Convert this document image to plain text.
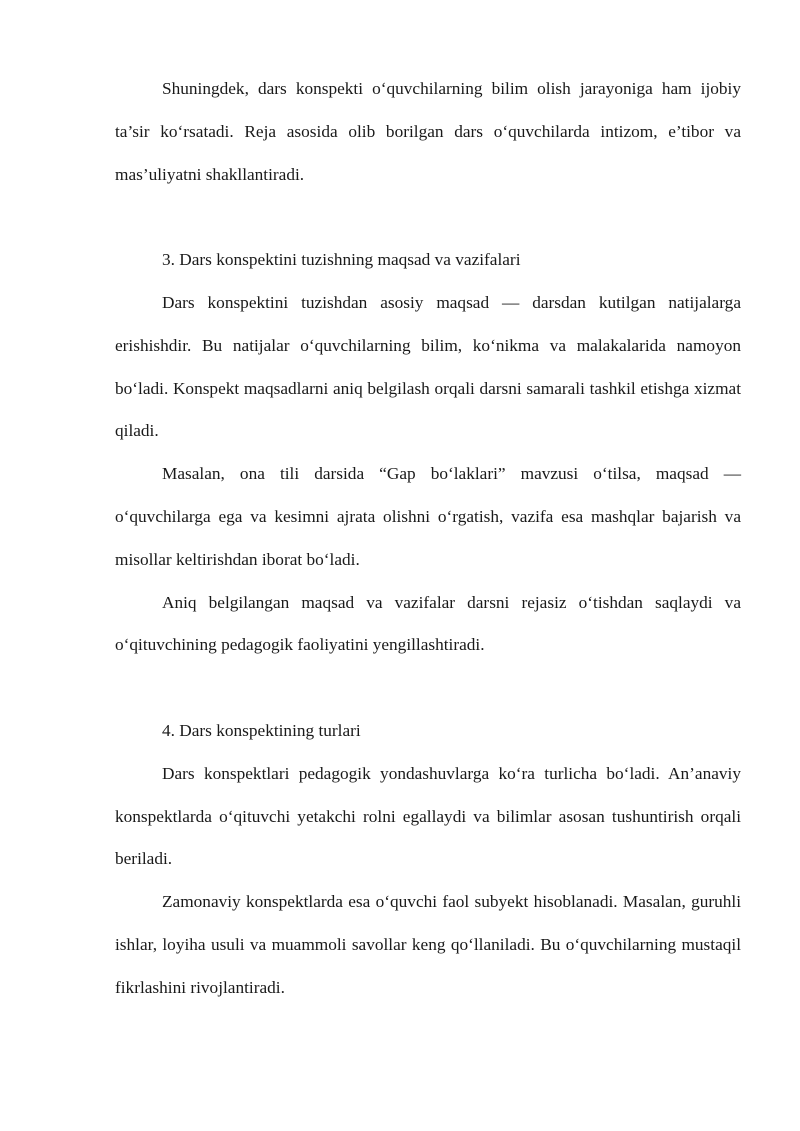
Shuningdek, dars konspekti o‘quvchilarning bilim olish jarayoniga ham ijobiy ta’sir ko‘rsatadi. Reja asosida olib borilgan dars o‘quvchilarda intizom, e’tibor va mas’uliyatni shakllantiradi.

3. Dars konspektini tuzishning maqsad va vazifalari

Dars konspektini tuzishdan asosiy maqsad — darsdan kutilgan natijalarga erishishdir. Bu natijalar o‘quvchilarning bilim, ko‘nikma va malakalarida namoyon bo‘ladi. Konspekt maqsadlarni aniq belgilash orqali darsni samarali tashkil etishga xizmat qiladi.

Masalan, ona tili darsida “Gap bo‘laklari” mavzusi o‘tilsa, maqsad — o‘quvchilarga ega va kesimni ajrata olishni o‘rgatish, vazifa esa mashqlar bajarish va misollar keltirishdan iborat bo‘ladi.

Aniq belgilangan maqsad va vazifalar darsni rejasiz o‘tishdan saqlaydi va o‘qituvchining pedagogik faoliyatini yengillashtiradi.

4. Dars konspektining turlari

Dars konspektlari pedagogik yondashuvlarga ko‘ra turlicha bo‘ladi. An’anaviy konspektlarda o‘qituvchi yetakchi rolni egallaydi va bilimlar asosan tushuntirish orqali beriladi.

Zamonaviy konspektlarda esa o‘quvchi faol subyekt hisoblanadi. Masalan, guruhli ishlar, loyiha usuli va muammoli savollar keng qo‘llaniladi. Bu o‘quvchilarning mustaqil fikrlashini rivojlantiradi.
